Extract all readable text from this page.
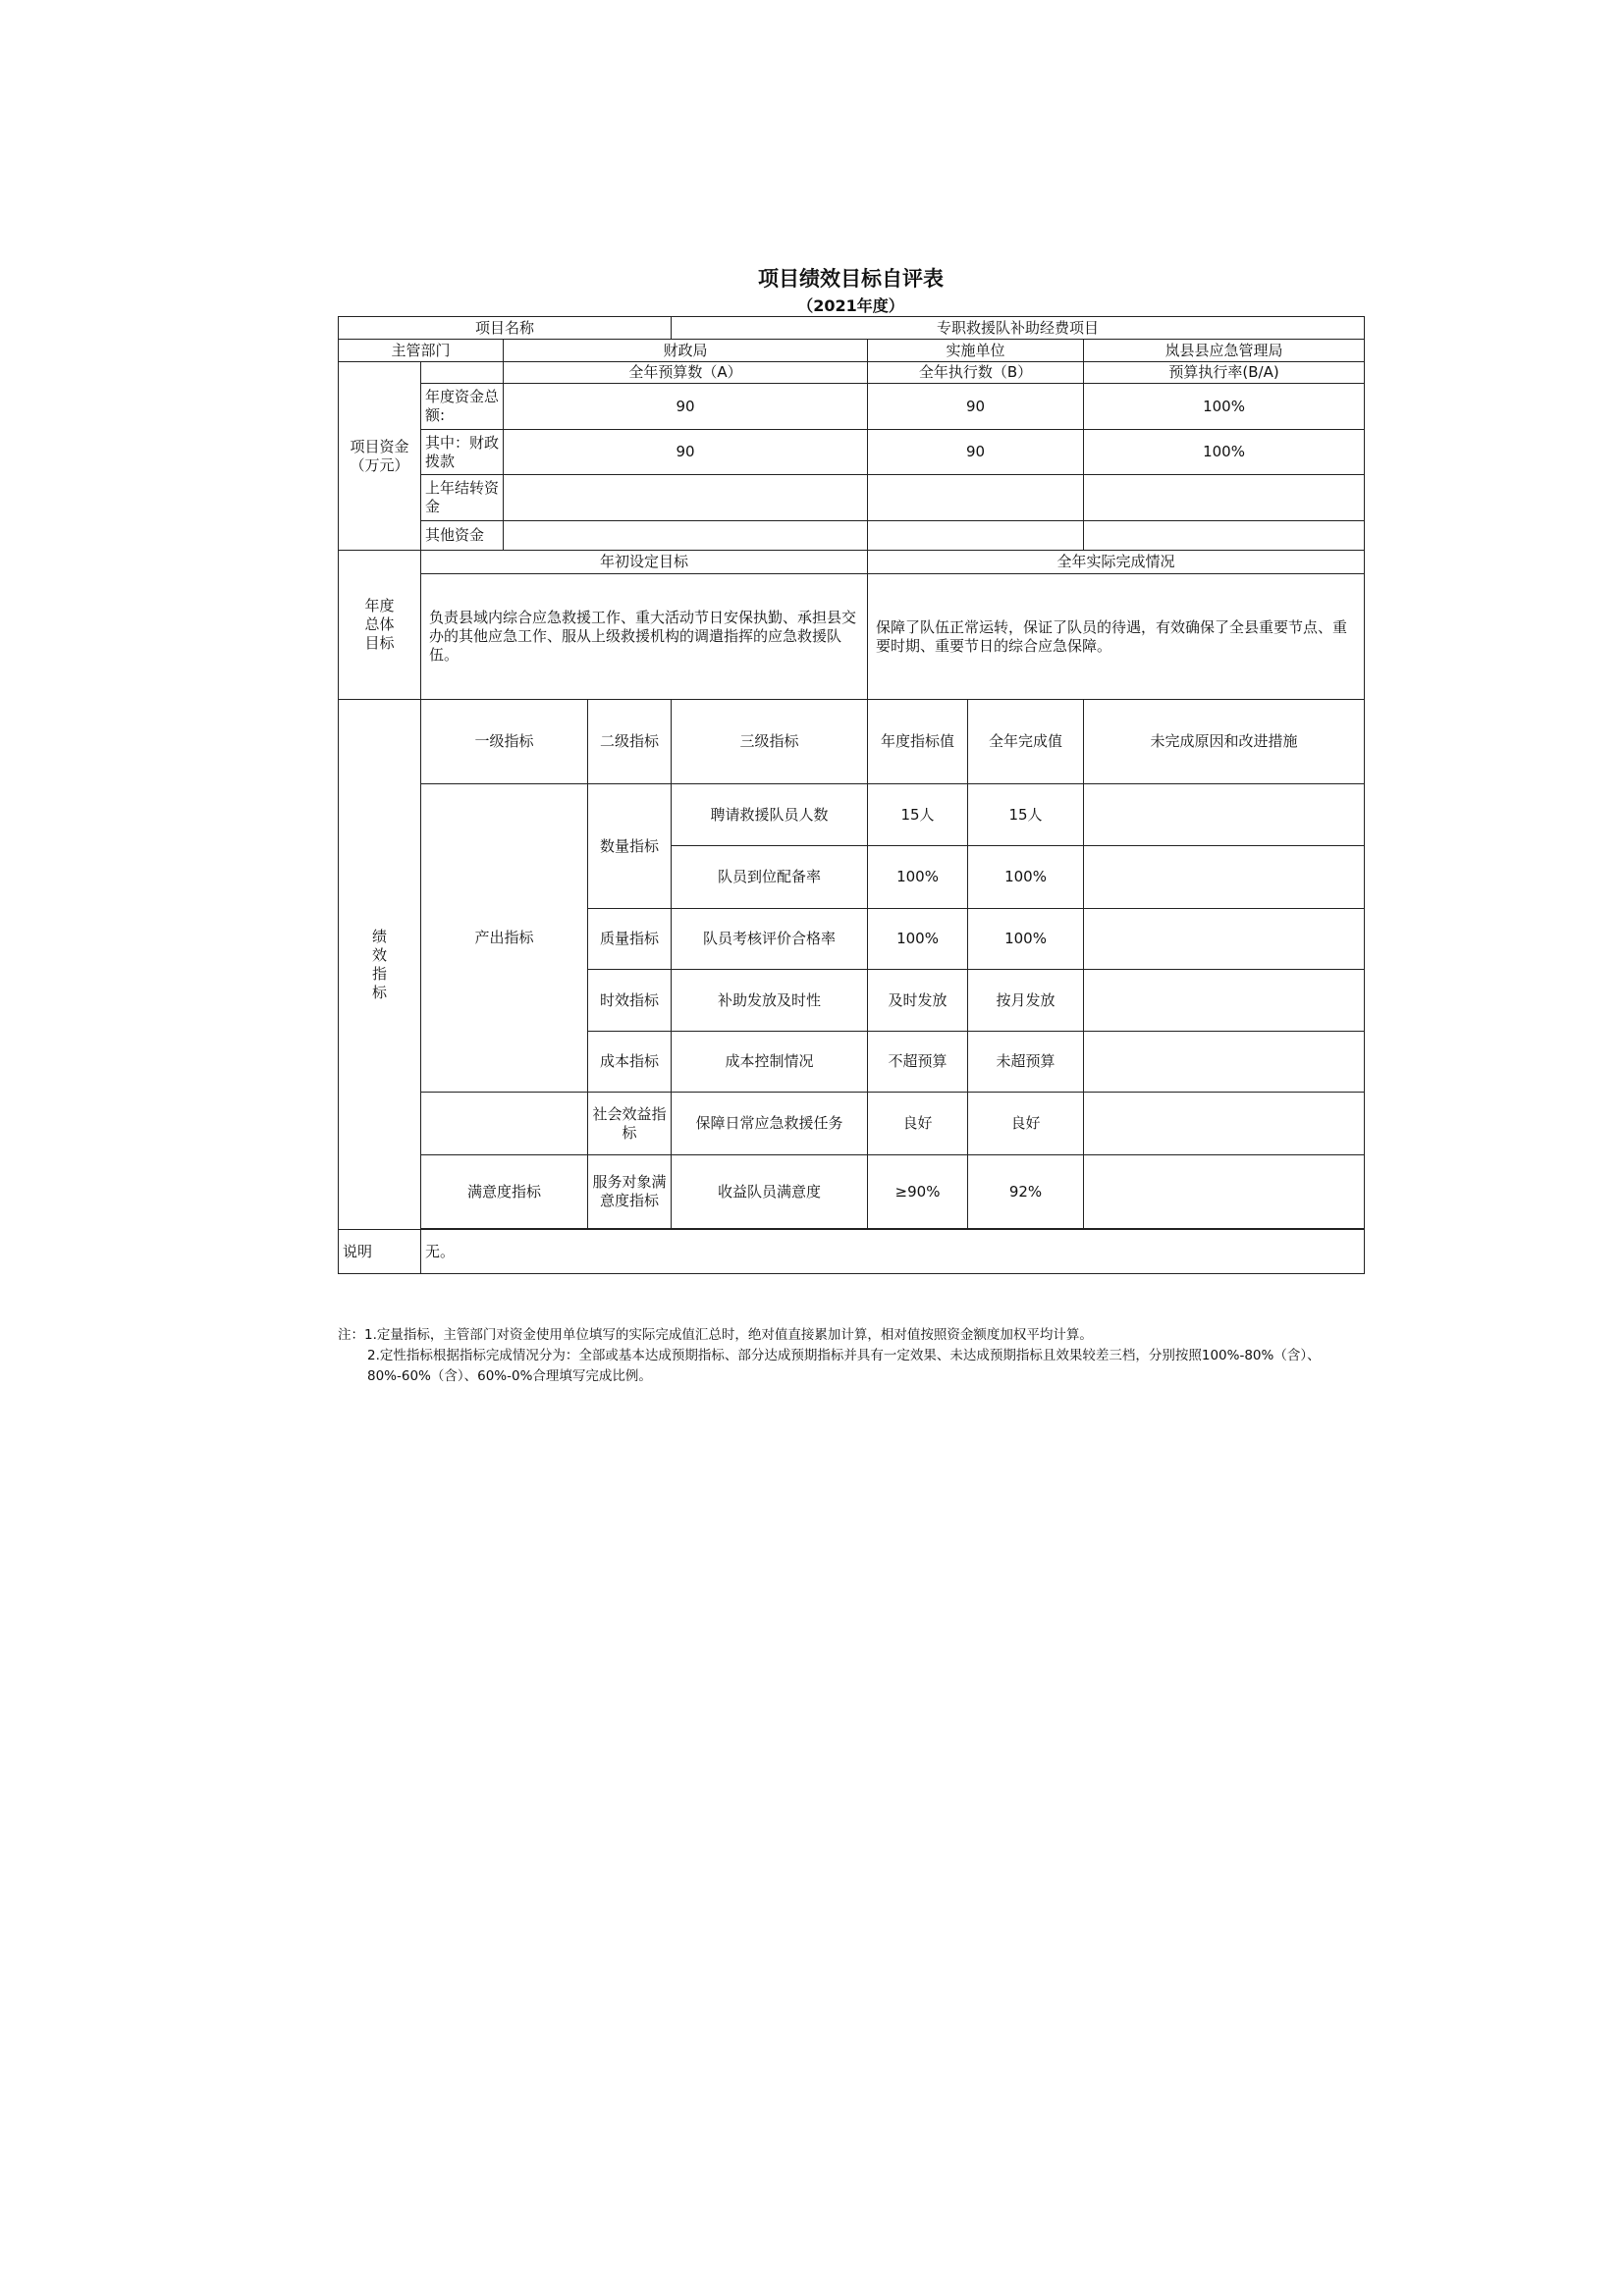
项目绩效目标自评表
（2021年度）
项目名称				专职救援队补助经费项目			
主管部门		财政局			实施单位		岚县县应急管理局
项目资金（万元）		全年预算数（A）			全年执行数（B）		预算执行率(B/A)
	年度资金总额:	90			90		100%
	其中：财政拨款	90			90		100%
	上年结转资金						
	其他资金						

年度总体目标	年初设定目标				全年实际完成情况		
	负责县域内综合应急救援工作、重大活动节日安保执勤、承担县交办的其他应急工作、服从上级救援机构的调遣指挥的应急救援队伍。				保障了队伍正常运转，保证了队员的待遇，有效确保了全县重要节点、重要时期、重要节日的综合应急保障。		

绩效指标	一级指标		二级指标	三级指标	年度指标值	全年完成值	未完成原因和改进措施
	产出指标		数量指标	聘请救援队员人数	15人	15人	
				队员到位配备率	100%	100%	
			质量指标	队员考核评价合格率	100%	100%	
			时效指标	补助发放及时性	及时发放	按月发放	
			成本指标	成本控制情况	不超预算	未超预算	
			社会效益指标	保障日常应急救援任务	良好	良好	
	满意度指标		服务对象满意度指标	收益队员满意度	≥90%	92%	

说明	无。						

注：1.定量指标，主管部门对资金使用单位填写的实际完成值汇总时，绝对值直接累加计算，相对值按照资金额度加权平均计算。

2.定性指标根据指标完成情况分为：全部或基本达成预期指标、部分达成预期指标并具有一定效果、未达成预期指标且效果较差三档，分别按照100%-80%（含）、80%-60%（含）、60%-0%合理填写完成比例。
